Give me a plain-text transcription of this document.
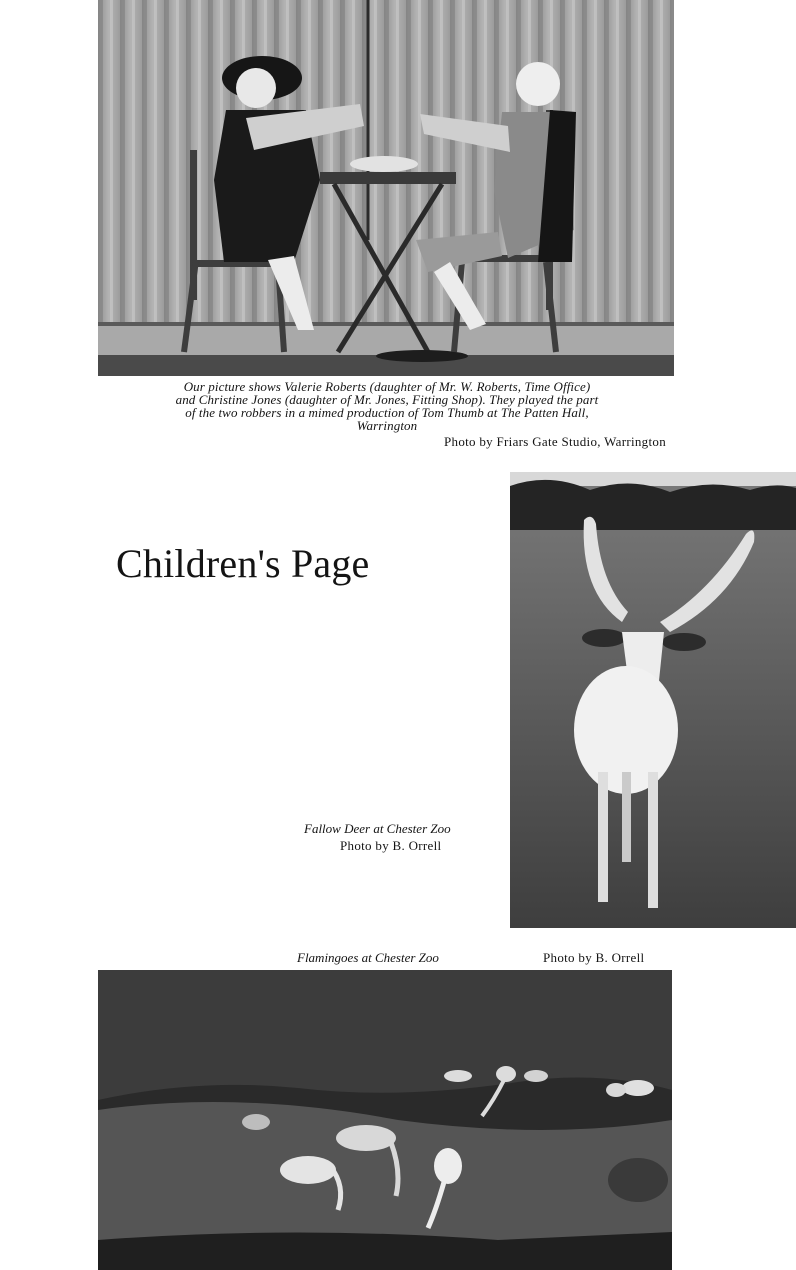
Our picture shows Valerie Roberts (daughter of Mr. W. Roberts, Time Office)
and Christine Jones (daughter of Mr. Jones, Fitting Shop). They played the part
of the two robbers in a mimed production of Tom Thumb at The Patten Hall,
Warrington
Photo by Friars Gate Studio, Warrington
Children's Page
Fallow Deer at Chester Zoo
Photo by B. Orrell
Flamingoes at Chester Zoo	Photo by B. Orrell
